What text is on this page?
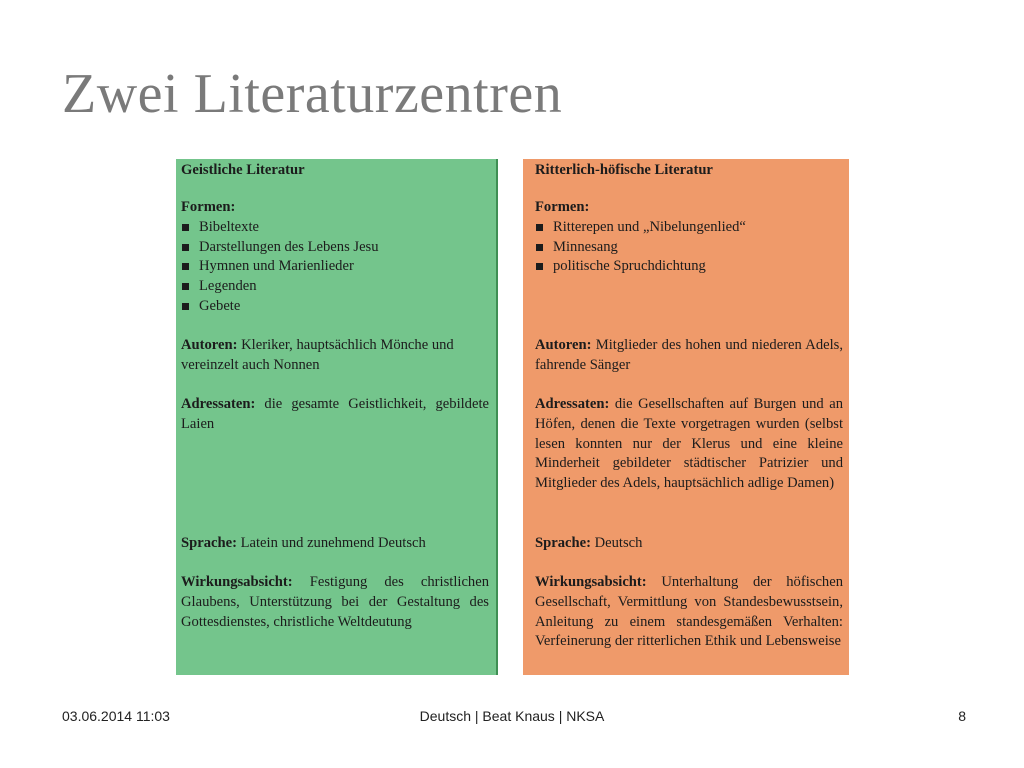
Zwei Literaturzentren
Geistliche Literatur
Formen:
Bibeltexte
Darstellungen des Lebens Jesu
Hymnen und Marienlieder
Legenden
Gebete
Autoren: Kleriker, hauptsächlich Mönche und vereinzelt auch Nonnen
Adressaten: die gesamte Geistlichkeit, gebildete Laien
Sprache: Latein und zunehmend Deutsch
Wirkungsabsicht: Festigung des christlichen Glaubens, Unterstützung bei der Gestaltung des Gottesdienstes, christliche Weltdeutung
Ritterlich-höfische Literatur
Formen:
Ritterepen und „Nibelungenlied“
Minnesang
politische Spruchdichtung
Autoren: Mitglieder des hohen und niederen Adels, fahrende Sänger
Adressaten: die Gesellschaften auf Burgen und an Höfen, denen die Texte vorgetragen wurden (selbst lesen konnten nur der Klerus und eine kleine Minderheit gebildeter städtischer Patrizier und Mitglieder des Adels, hauptsächlich adlige Damen)
Sprache: Deutsch
Wirkungsabsicht: Unterhaltung der höfischen Gesellschaft, Vermittlung von Standesbewusstsein, Anleitung zu einem standesgemäßen Verhalten: Verfeinerung der ritterlichen Ethik und Lebensweise
03.06.2014 11:03	Deutsch | Beat Knaus | NKSA	8
